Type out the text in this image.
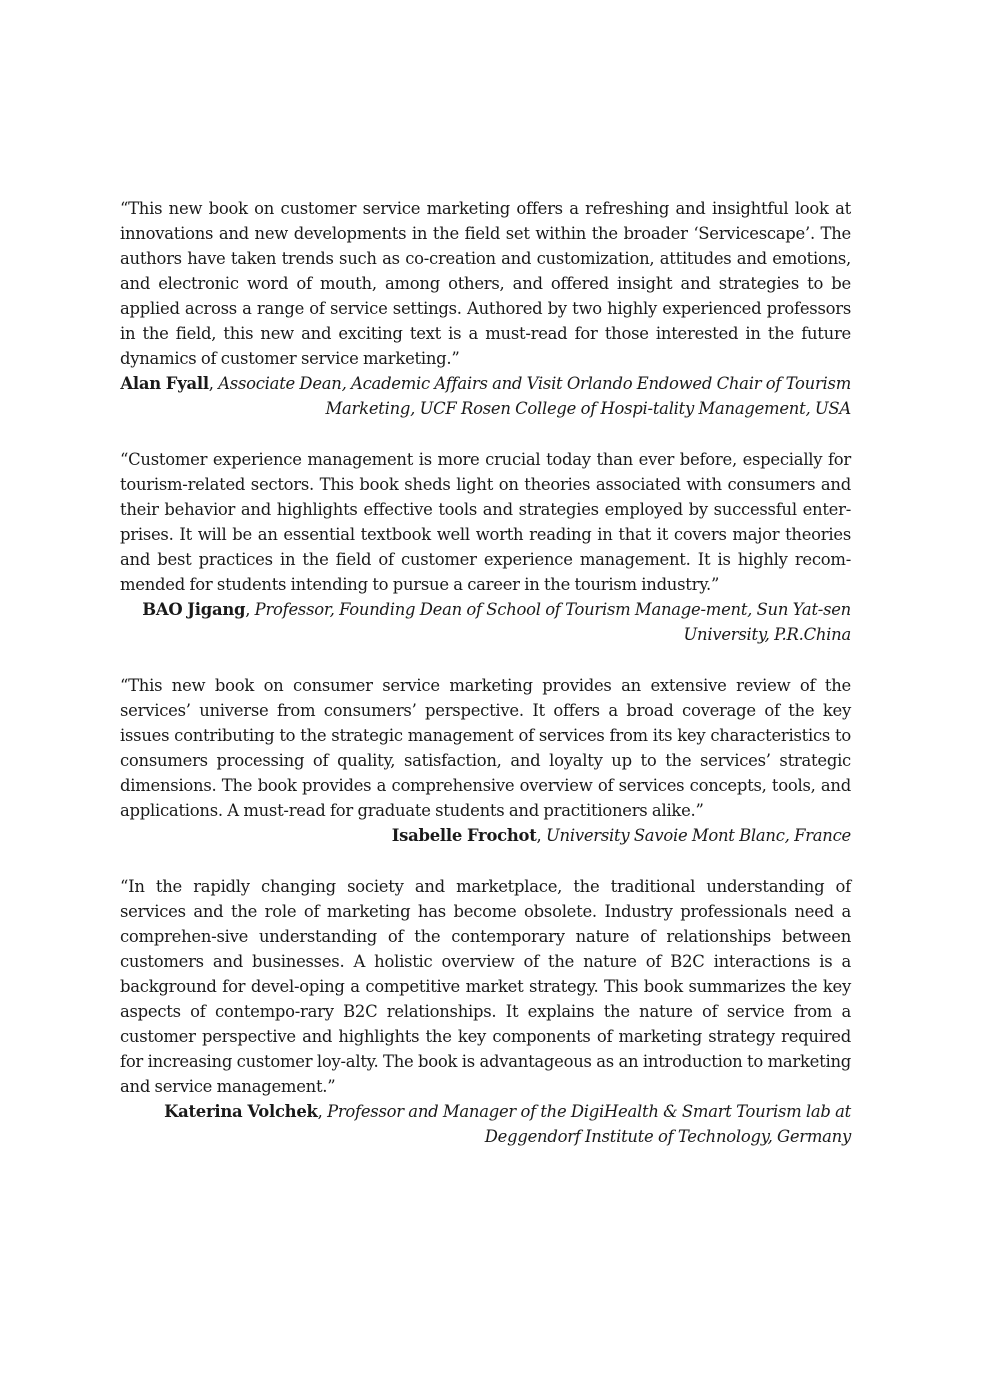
“This new book on customer service marketing offers a refreshing and insightful look at innovations and new developments in the field set within the broader ‘Servicescape’. The authors have taken trends such as co-creation and customization, attitudes and emotions, and electronic word of mouth, among others, and offered insight and strategies to be applied across a range of service settings. Authored by two highly experienced professors in the field, this new and exciting text is a must-read for those interested in the future dynamics of customer service marketing.”

Alan Fyall, Associate Dean, Academic Affairs and Visit Orlando Endowed Chair of Tourism Marketing, UCF Rosen College of Hospi-tality Management, USA

“Customer experience management is more crucial today than ever before, especially for tourism-related sectors. This book sheds light on theories associated with consumers and their behavior and highlights effective tools and strategies employed by successful enter-prises. It will be an essential textbook well worth reading in that it covers major theories and best practices in the field of customer experience management. It is highly recom-mended for students intending to pursue a career in the tourism industry.”

BAO Jigang, Professor, Founding Dean of School of Tourism Manage-ment, Sun Yat-sen University, P.R.China

“This new book on consumer service marketing provides an extensive review of the services’ universe from consumers’ perspective. It offers a broad coverage of the key issues contributing to the strategic management of services from its key characteristics to consumers processing of quality, satisfaction, and loyalty up to the services’ strategic dimensions. The book provides a comprehensive overview of services concepts, tools, and applications. A must-read for graduate students and practitioners alike.”

Isabelle Frochot, University Savoie Mont Blanc, France

“In the rapidly changing society and marketplace, the traditional understanding of services and the role of marketing has become obsolete. Industry professionals need a comprehen-sive understanding of the contemporary nature of relationships between customers and businesses. A holistic overview of the nature of B2C interactions is a background for devel-oping a competitive market strategy. This book summarizes the key aspects of contempo-rary B2C relationships. It explains the nature of service from a customer perspective and highlights the key components of marketing strategy required for increasing customer loy-alty. The book is advantageous as an introduction to marketing and service management.”

Katerina Volchek, Professor and Manager of the DigiHealth & Smart Tourism lab at Deggendorf Institute of Technology, Germany
